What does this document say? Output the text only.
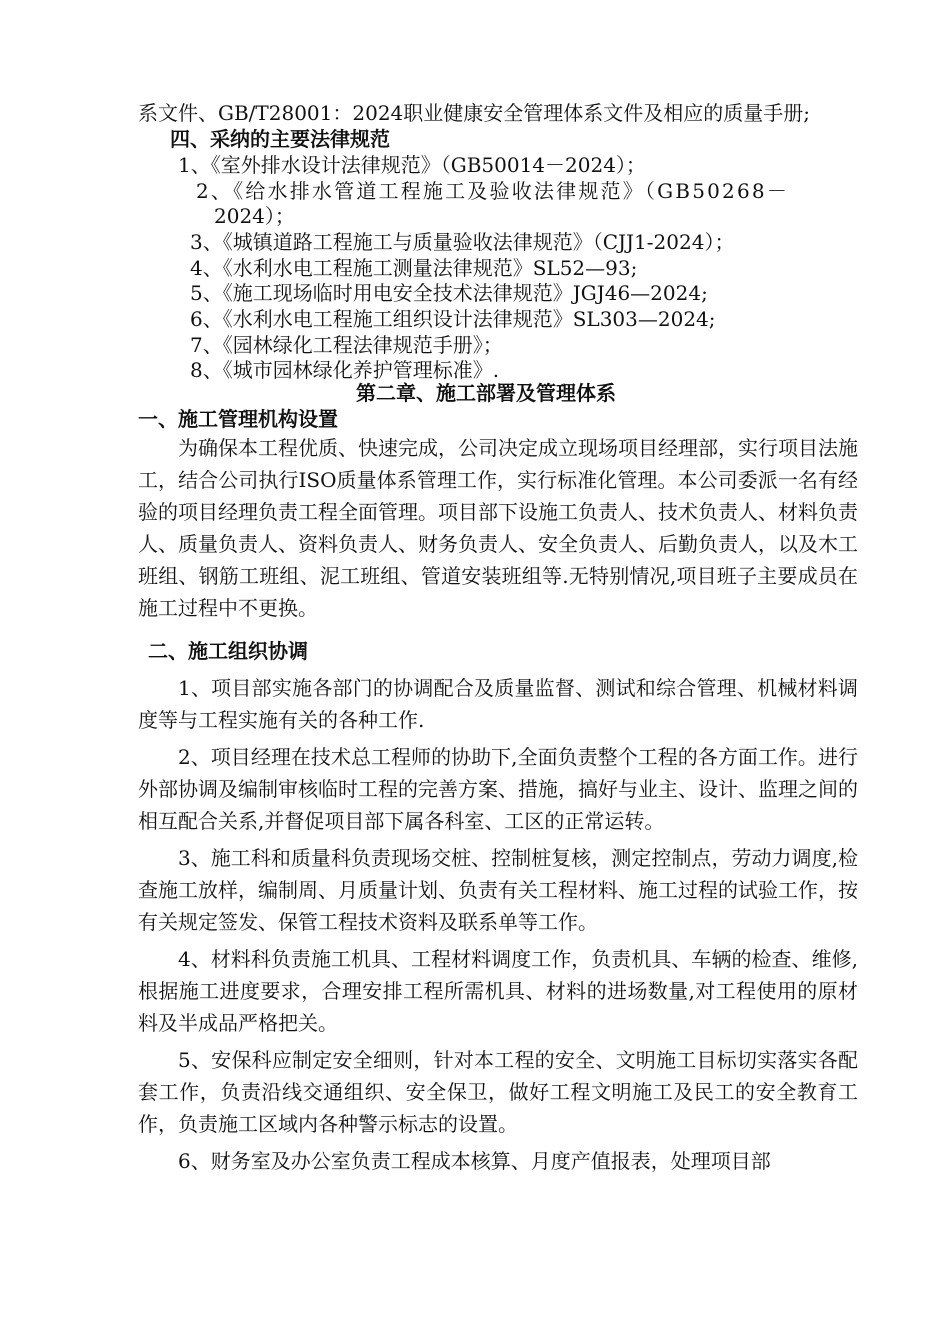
系文件、GB/T28001：2024职业健康安全管理体系文件及相应的质量手册;
四、采纳的主要法律规范
1、《室外排水设计法律规范》（GB50014－2024）；
2、《给水排水管道工程施工及验收法律规范》（GB50268－
2024）；
3、《城镇道路工程施工与质量验收法律规范》（CJJ1-2024）；
4、《水利水电工程施工测量法律规范》SL52—93;
5、《施工现场临时用电安全技术法律规范》JGJ46—2024;
6、《水利水电工程施工组织设计法律规范》SL303—2024;
7、《园林绿化工程法律规范手册》；
8、《城市园林绿化养护管理标准》.
第二章、施工部署及管理体系
一、施工管理机构设置

为确保本工程优质、快速完成，公司决定成立现场项目经理部，实行项目法施工，结合公司执行ISO质量体系管理工作，实行标准化管理。本公司委派一名有经验的项目经理负责工程全面管理。项目部下设施工负责人、技术负责人、材料负责人、质量负责人、资料负责人、财务负责人、安全负责人、后勤负责人，以及木工班组、钢筋工班组、泥工班组、管道安装班组等.无特别情况,项目班子主要成员在施工过程中不更换。

二、施工组织协调

1、项目部实施各部门的协调配合及质量监督、测试和综合管理、机械材料调度等与工程实施有关的各种工作.

2、项目经理在技术总工程师的协助下,全面负责整个工程的各方面工作。进行外部协调及编制审核临时工程的完善方案、措施，搞好与业主、设计、监理之间的相互配合关系,并督促项目部下属各科室、工区的正常运转。

3、施工科和质量科负责现场交桩、控制桩复核，测定控制点，劳动力调度,检查施工放样，编制周、月质量计划、负责有关工程材料、施工过程的试验工作，按有关规定签发、保管工程技术资料及联系单等工作。

4、材料科负责施工机具、工程材料调度工作，负责机具、车辆的检查、维修,根据施工进度要求，合理安排工程所需机具、材料的进场数量,对工程使用的原材料及半成品严格把关。

5、安保科应制定安全细则，针对本工程的安全、文明施工目标切实落实各配套工作，负责沿线交通组织、安全保卫，做好工程文明施工及民工的安全教育工作，负责施工区域内各种警示标志的设置。

6、财务室及办公室负责工程成本核算、月度产值报表，处理项目部
